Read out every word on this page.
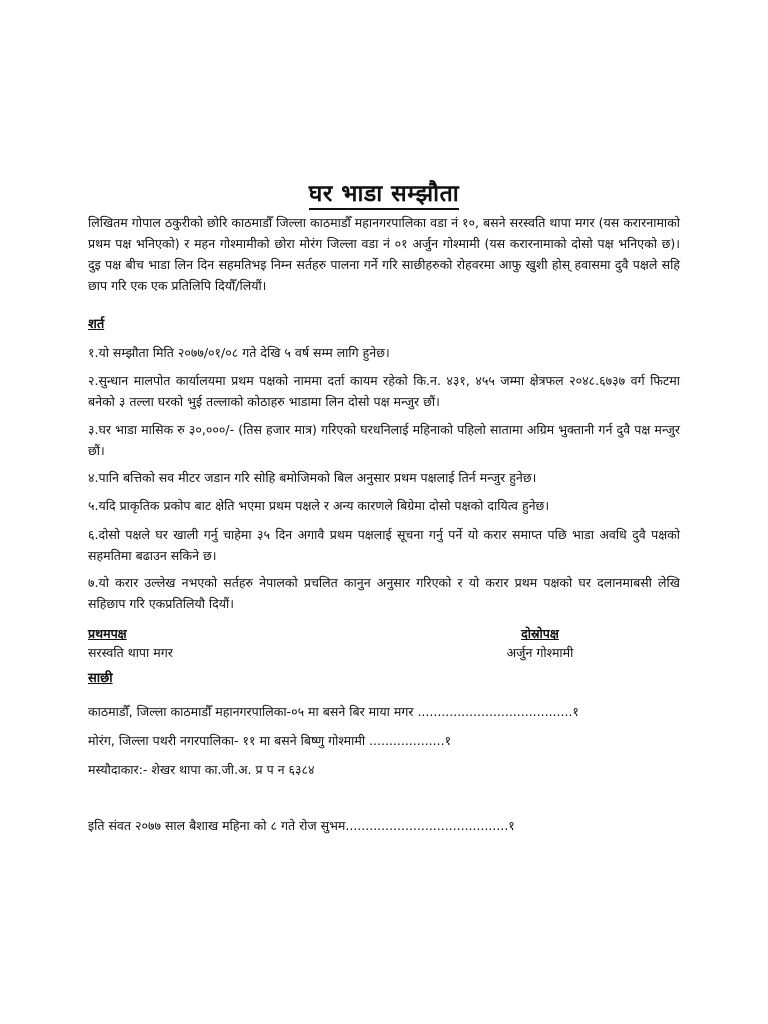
घर भाडा सम्झौता
लिखितम गोपाल ठकुरीको छोरि काठमाडौँ जिल्ला काठमाडौँ महानगरपालिका वडा नं १०, बसने सरस्वति थापा मगर (यस करारनामाको प्रथम पक्ष भनिएको) र महन गोश्मामीको छोरा मोरंग जिल्ला वडा नं ०१ अर्जुन गोश्मामी (यस करारनामाको दोसो पक्ष भनिएको छ)। दुइ पक्ष बीच भाडा लिन दिन सहमतिभइ निम्न सर्तहरु पालना गर्ने गरि साछीहरुको रोहवरमा आफु खुशी होस् हवासमा दुवै पक्षले सहि छाप गरि एक एक प्रतिलिपि दियौँ/लियौं।
शर्त
१.यो सम्झौता मिति २०७७/०१/०८ गते देखि ५ वर्ष सम्म लागि हुनेछ।
२.सुन्धान मालपोत कार्यालयमा प्रथम पक्षको नाममा दर्ता कायम रहेको कि.न. ४३१, ४५५ जम्मा क्षेत्रफल २०४८.६७३७ वर्ग फिटमा बनेको ३ तल्ला घरको भुई तल्लाको कोठाहरु भाडामा लिन दोसो पक्ष मन्जुर छौं।
३.घर भाडा मासिक रु ३०,०००/- (तिस हजार मात्र) गरिएको घरधनिलाई महिनाको पहिलो सातामा अग्रिम भुक्तानी गर्न दुवै पक्ष मन्जुर छौं।
४.पानि बत्तिको सव मीटर जडान गरि सोहि बमोजिमको बिल अनुसार प्रथम पक्षलाई तिर्न मन्जुर हुनेछ।
५.यदि प्राकृतिक प्रकोप बाट क्षेति भएमा प्रथम पक्षले र अन्य कारणले बिग्रेमा दोसो पक्षको दायित्व हुनेछ।
६.दोसो पक्षले घर खाली गर्नु चाहेमा ३५ दिन अगावै प्रथम पक्षलाई सूचना गर्नु पर्ने यो करार समाप्त पछि भाडा अवधि दुवै पक्षको सहमतिमा बढाउन सकिने छ।
७.यो करार उल्लेख नभएको सर्तहरु नेपालको प्रचलित कानुन अनुसार गरिएको र यो करार प्रथम पक्षको घर दलानमाबसी लेखि सहिछाप गरि एकप्रतिलियौ दियौं।
प्रथमपक्ष
सरस्वति थापा मगर
दोस्रोपक्ष
अर्जुन गोश्मामी
साछी
काठमाडौँ, जिल्ला काठमाडौँ महानगरपालिका-०५ मा बसने बिर माया मगर .......................................१
मोरंग, जिल्ला पथरी नगरपालिका- ११ मा बसने बिष्णु गोश्मामी ...................१
मस्यौदाकार:- शेखर थापा का.जी.अ. प्र प न ६३८४
इति संवत २०७७ साल बैशाख महिना को ८ गते रोज सुभम.........................................१
